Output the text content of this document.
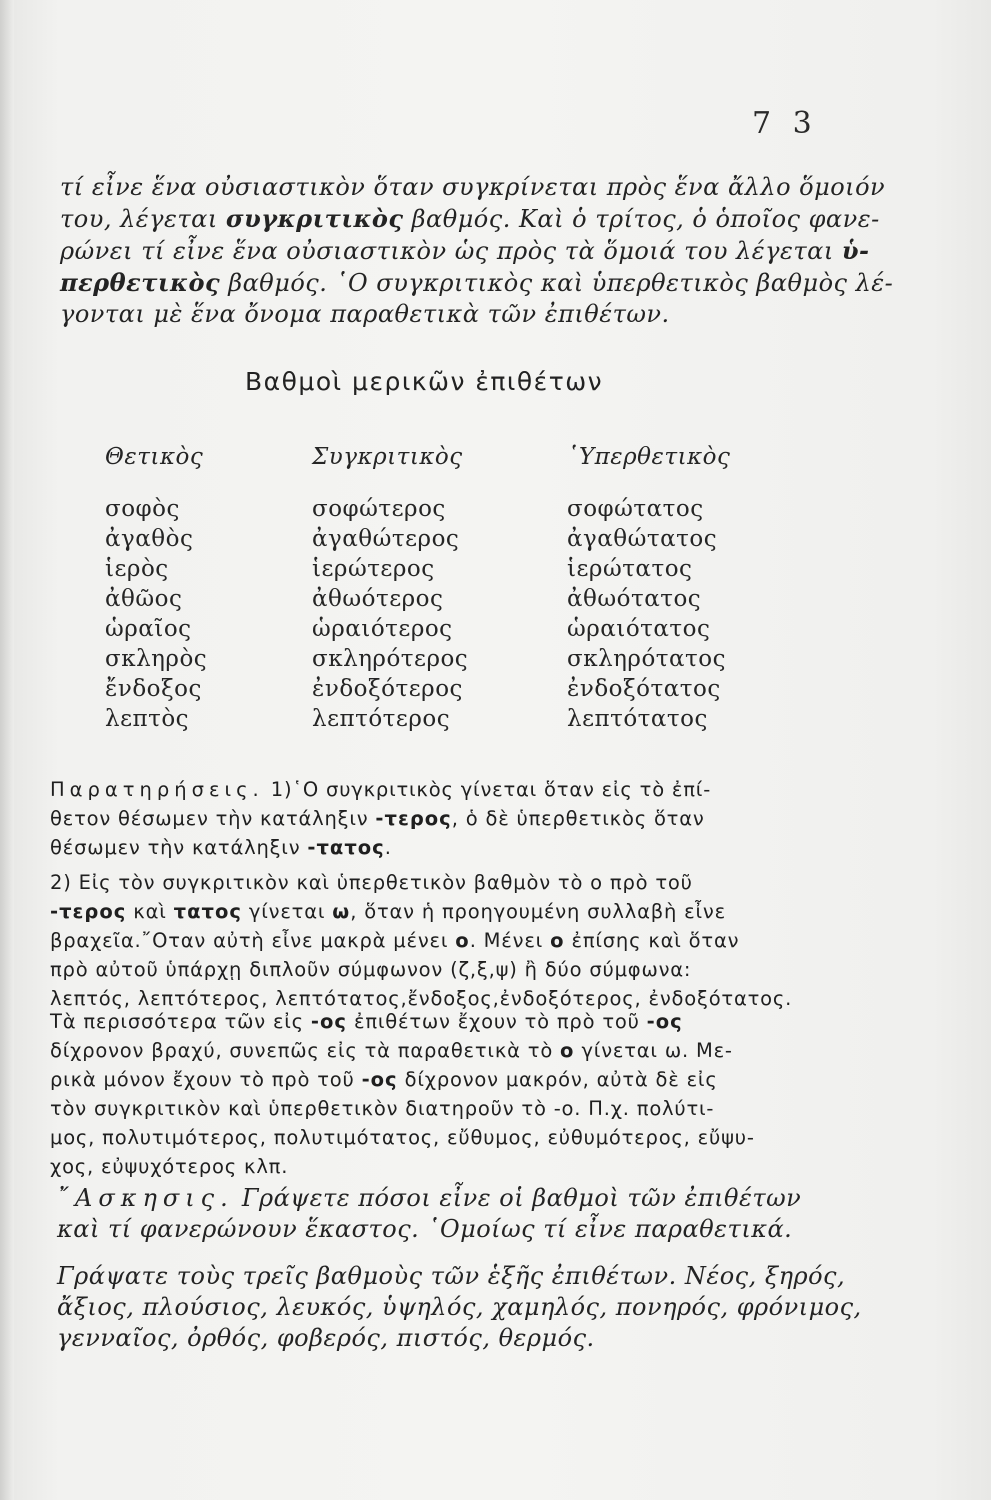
7 3
τί εἶνε ἕνα οὐσιαστικὸν ὅταν συγκρίνεται πρὸς ἕνα ἄλλο ὅμοιόν
του, λέγεται συγκριτικὸς βαθμός. Καὶ ὁ τρίτος, ὁ ὁποῖος φανε-
ρώνει τί εἶνε ἕνα οὐσιαστικὸν ὡς πρὸς τὰ ὅμοιά του λέγεται ὑ-
περθετικὸς βαθμός. ῾Ο συγκριτικὸς καὶ ὑπερθετικὸς βαθμὸς λέ-
γονται μὲ ἕνα ὄνομα παραθετικὰ τῶν ἐπιθέτων.
Βαθμοὶ μερικῶν ἐπιθέτων
Θετικὸς
σοφὸς
ἀγαθὸς
ἱερὸς
ἀθῶος
ὡραῖος
σκληρὸς
ἔνδοξος
λεπτὸς
Συγκριτικὸς
σοφώτερος
ἀγαθώτερος
ἱερώτερος
ἀθωότερος
ὡραιότερος
σκληρότερος
ἐνδοξότερος
λεπτότερος
῾Υπερθετικὸς
σοφώτατος
ἀγαθώτατος
ἱερώτατος
ἀθωότατος
ὡραιότατος
σκληρότατος
ἐνδοξότατος
λεπτότατος
Παρατηρήσεις. 1)῾Ο συγκριτικὸς γίνεται ὅταν εἰς τὸ ἐπί-
θετον θέσωμεν τὴν κατάληξιν -τερος, ὁ δὲ ὑπερθετικὸς ὅταν
θέσωμεν τὴν κατάληξιν -τατος.
2) Εἰς τὸν συγκριτικὸν καὶ ὑπερθετικὸν βαθμὸν τὸ ο πρὸ τοῦ
-τερος καὶ τατος γίνεται ω, ὅταν ἡ προηγουμένη συλλαβὴ εἶνε
βραχεῖα.῎Οταν αὐτὴ εἶνε μακρὰ μένει ο. Μένει ο ἐπίσης καὶ ὅταν
πρὸ αὐτοῦ ὑπάρχῃ διπλοῦν σύμφωνον (ζ,ξ,ψ) ἢ δύο σύμφωνα:
λεπτός, λεπτότερος, λεπτότατος,ἔνδοξος,ἐνδοξότερος, ἐνδοξότατος.
Τὰ περισσότερα τῶν εἰς -ος ἐπιθέτων ἔχουν τὸ πρὸ τοῦ -ος
δίχρονον βραχύ, συνεπῶς εἰς τὰ παραθετικὰ τὸ ο γίνεται ω. Με-
ρικὰ μόνον ἔχουν τὸ πρὸ τοῦ -ος δίχρονον μακρόν, αὐτὰ δὲ εἰς
τὸν συγκριτικὸν καὶ ὑπερθετικὸν διατηροῦν τὸ -ο. Π.χ. πολύτι-
μος, πολυτιμότερος, πολυτιμότατος, εὔθυμος, εὐθυμότερος, εὔψυ-
χος, εὐψυχότερος κλπ.
῎Ασκησις. Γράψετε πόσοι εἶνε οἱ βαθμοὶ τῶν ἐπιθέτων
καὶ τί φανερώνουν ἕκαστος. ῾Ομοίως τί εἶνε παραθετικά.
Γράψατε τοὺς τρεῖς βαθμοὺς τῶν ἑξῆς ἐπιθέτων. Νέος, ξηρός,
ἄξιος, πλούσιος, λευκός, ὑψηλός, χαμηλός, πονηρός, φρόνιμος,
γενναῖος, ὀρθός, φοβερός, πιστός, θερμός.
